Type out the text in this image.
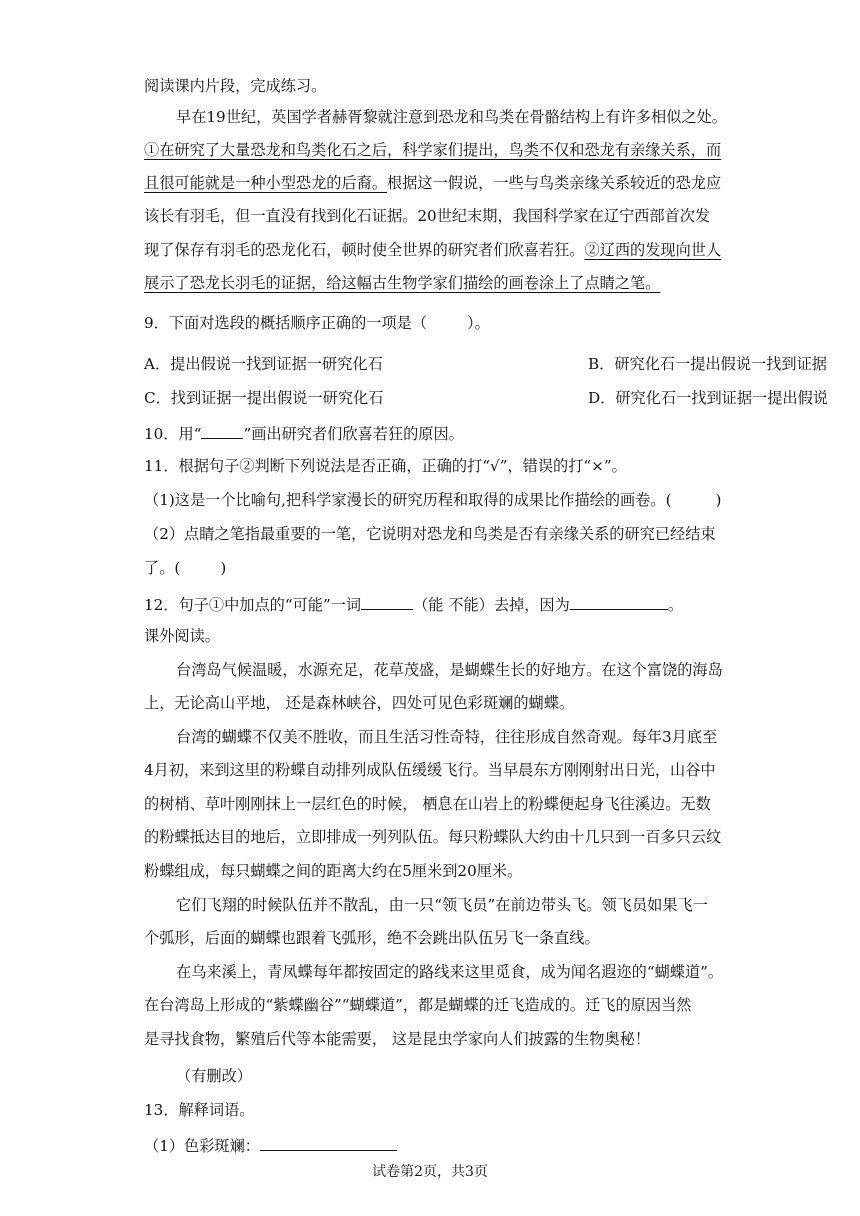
阅读课内片段，完成练习。
早在19世纪，英国学者赫胥黎就注意到恐龙和鸟类在骨骼结构上有许多相似之处。
①在研究了大量恐龙和鸟类化石之后，科学家们提出，鸟类不仅和恐龙有亲缘关系，而
且很可能就是一种小型恐龙的后裔。根据这一假说，一些与鸟类亲缘关系较近的恐龙应
该长有羽毛，但一直没有找到化石证据。20世纪末期，我国科学家在辽宁西部首次发
现了保存有羽毛的恐龙化石，顿时使全世界的研究者们欣喜若狂。②辽西的发现向世人
展示了恐龙长羽毛的证据，给这幅古生物学家们描绘的画卷涂上了点睛之笔。
9．下面对选段的概括顺序正确的一项是（	）。
A．提出假说一找到证据一研究化石	B．研究化石一提出假说一找到证据
C．找到证据一提出假说一研究化石	D．研究化石一找到证据一提出假说
10．用“	”画出研究者们欣喜若狂的原因。
11．根据句子②判断下列说法是否正确，正确的打“√”，错误的打“×”。
（1)这是一个比喻句,把科学家漫长的研究历程和取得的成果比作描绘的画卷。(	)
（2）点睛之笔指最重要的一笔，它说明对恐龙和鸟类是否有亲缘关系的研究已经结束
了。(	)
12．句子①中加点的“可能”一词	（能 不能）去掉，因为	。
课外阅读。
台湾岛气候温暖，水源充足，花草茂盛，是蝴蝶生长的好地方。在这个富饶的海岛
上，无论高山平地， 还是森林峡谷，四处可见色彩斑斓的蝴蝶。
台湾的蝴蝶不仅美不胜收，而且生活习性奇特，往往形成自然奇观。每年3月底至
4月初，来到这里的粉蝶自动排列成队伍缓缓飞行。当早晨东方刚刚射出日光，山谷中
的树梢、草叶刚刚抹上一层红色的时候， 栖息在山岩上的粉蝶便起身飞往溪边。无数
的粉蝶抵达目的地后，立即排成一列列队伍。每只粉蝶队大约由十几只到一百多只云纹
粉蝶组成，每只蝴蝶之间的距离大约在5厘米到20厘米。
它们飞翔的时候队伍并不散乱，由一只“领飞员”在前边带头飞。领飞员如果飞一
个弧形，后面的蝴蝶也跟着飞弧形，绝不会跳出队伍另飞一条直线。
在乌来溪上，青凤蝶每年都按固定的路线来这里觅食，成为闻名遐迩的“蝴蝶道”。
在台湾岛上形成的“紫蝶幽谷”“蝴蝶道”，都是蝴蝶的迁飞造成的。迁飞的原因当然
是寻找食物，繁殖后代等本能需要， 这是昆虫学家向人们披露的生物奥秘！
（有删改）
13．解释词语。
（1）色彩斑斓：
试卷第2页，共3页
